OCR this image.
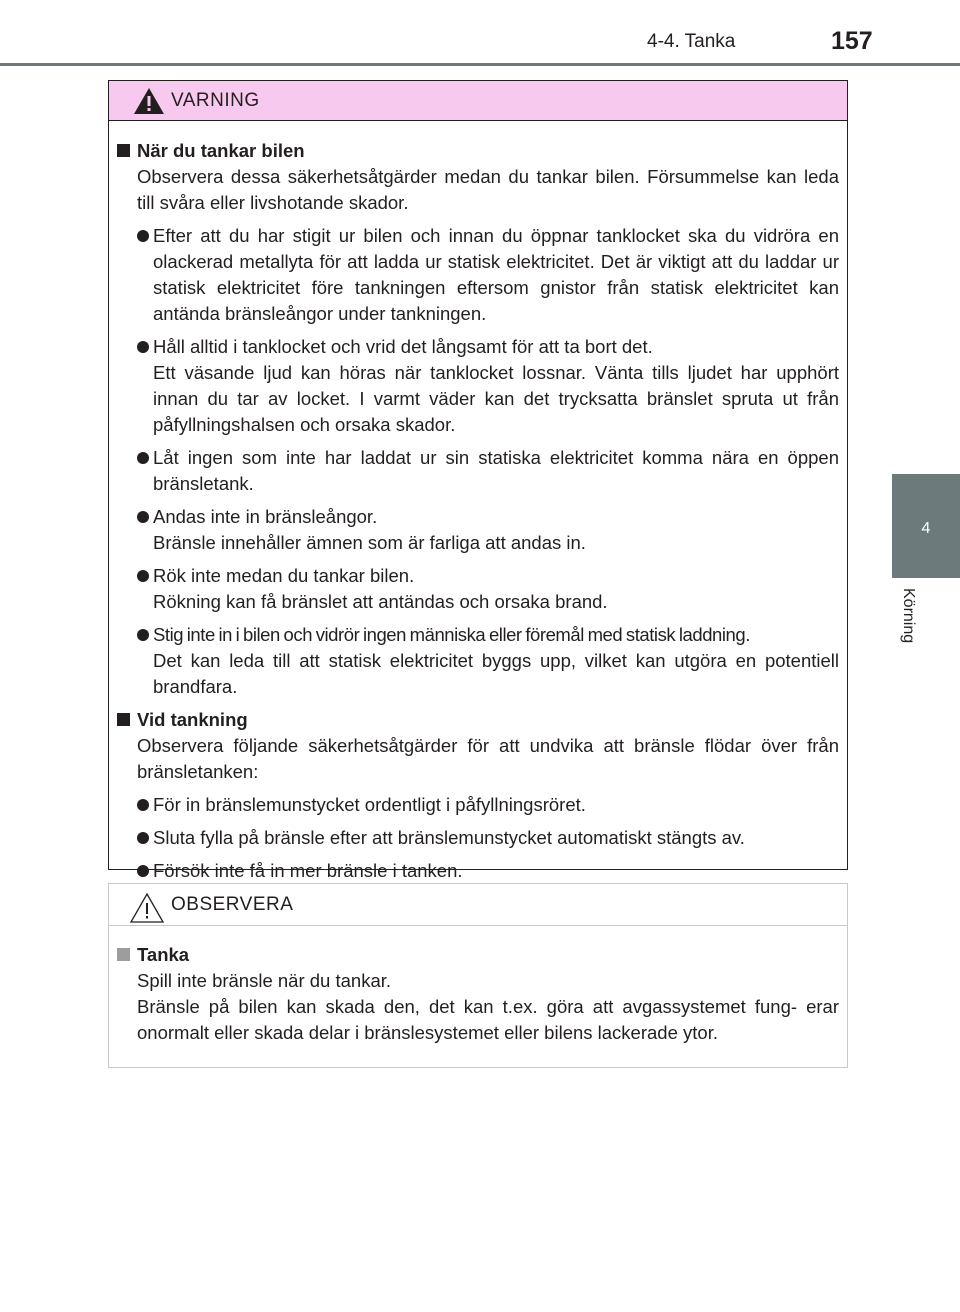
4-4. Tanka	157
4
Körning
VARNING

När du tankar bilen

Observera dessa säkerhetsåtgärder medan du tankar bilen. Försummelse kan leda till svåra eller livshotande skador.

Efter att du har stigit ur bilen och innan du öppnar tanklocket ska du vidröra en olackerad metallyta för att ladda ur statisk elektricitet. Det är viktigt att du laddar ur statisk elektricitet före tankningen eftersom gnistor från statisk elektricitet kan antända bränsleångor under tankningen.
Håll alltid i tanklocket och vrid det långsamt för att ta bort det.
Ett väsande ljud kan höras när tanklocket lossnar. Vänta tills ljudet har upphört innan du tar av locket. I varmt väder kan det trycksatta bränslet spruta ut från påfyllningshalsen och orsaka skador.
Låt ingen som inte har laddat ur sin statiska elektricitet komma nära en öppen bränsletank.
Andas inte in bränsleångor.
Bränsle innehåller ämnen som är farliga att andas in.
Rök inte medan du tankar bilen.
Rökning kan få bränslet att antändas och orsaka brand.
Stig inte in i bilen och vidrör ingen människa eller föremål med statisk laddning.
Det kan leda till att statisk elektricitet byggs upp, vilket kan utgöra en potentiell brandfara.

Vid tankning

Observera följande säkerhetsåtgärder för att undvika att bränsle flödar över från bränsletanken:

För in bränslemunstycket ordentligt i påfyllningsröret.
Sluta fylla på bränsle efter att bränslemunstycket automatiskt stängts av.
Försök inte få in mer bränsle i tanken.
OBSERVERA

Tanka

Spill inte bränsle när du tankar.
Bränsle på bilen kan skada den, det kan t.ex. göra att avgassystemet fung- erar onormalt eller skada delar i bränslesystemet eller bilens lackerade ytor.
